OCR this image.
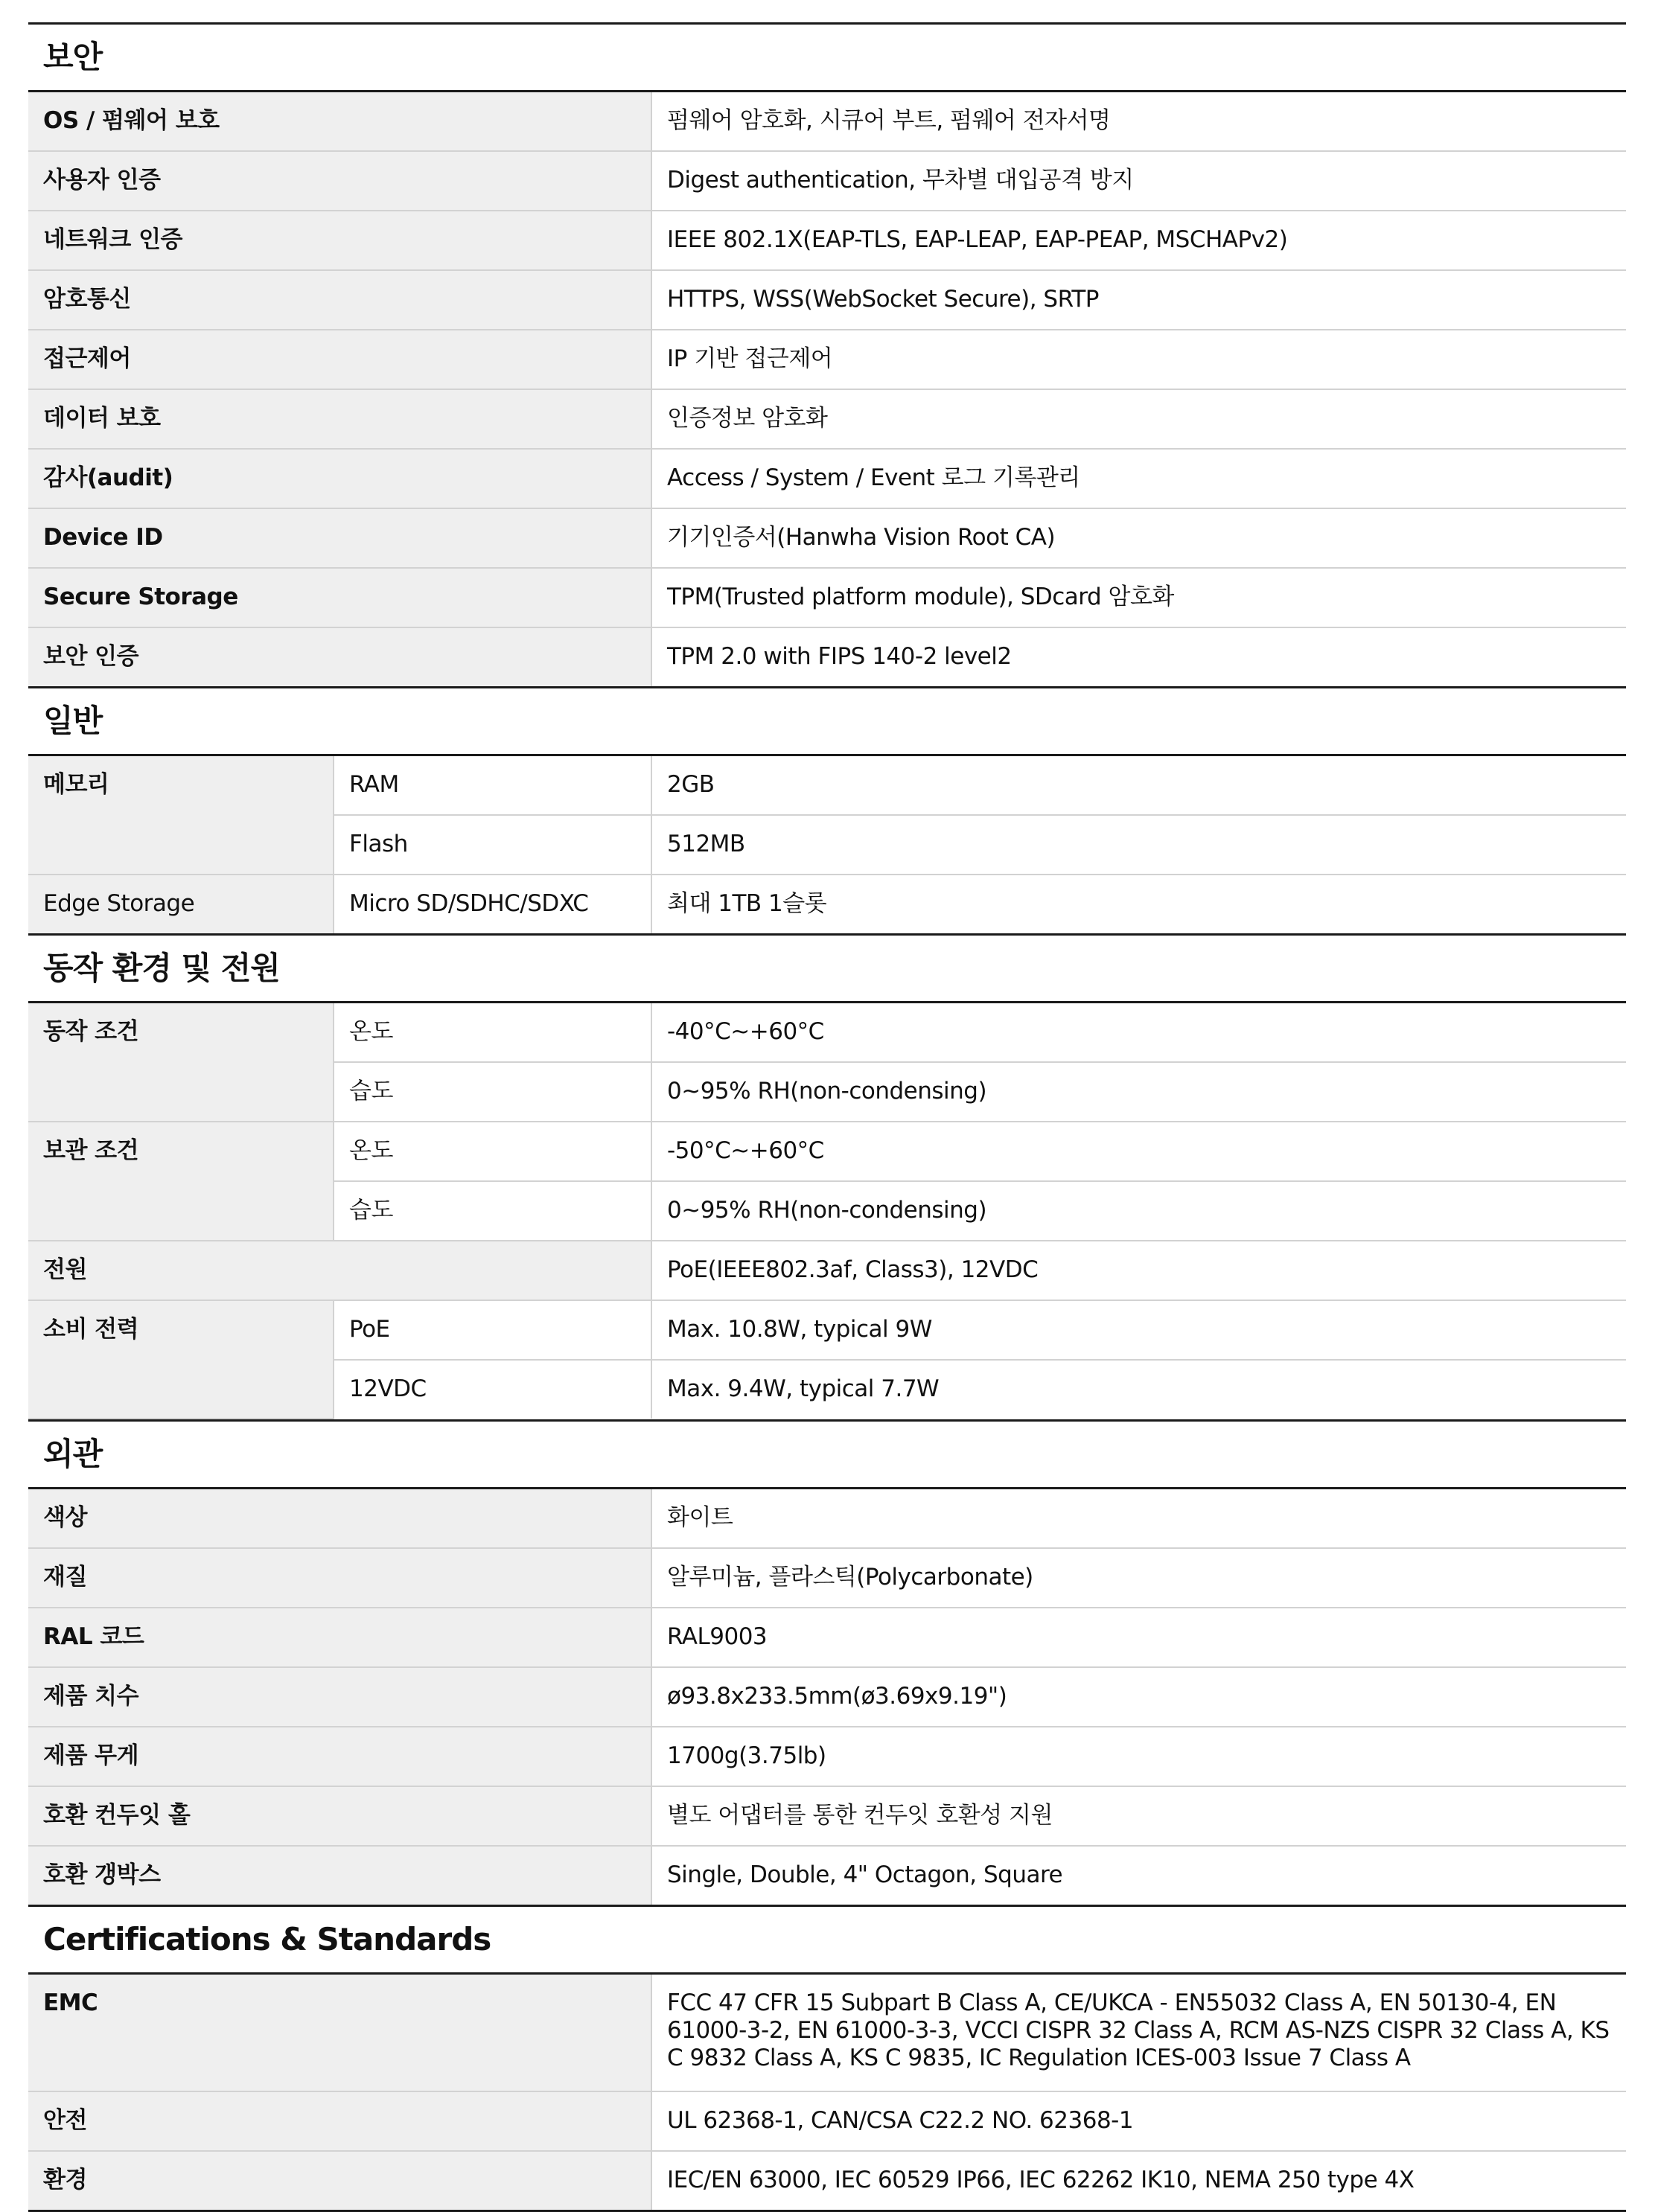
보안
OS / 펌웨어 보호	펌웨어 암호화, 시큐어 부트, 펌웨어 전자서명
사용자 인증	Digest authentication, 무차별 대입공격 방지
네트워크 인증	IEEE 802.1X(EAP-TLS, EAP-LEAP, EAP-PEAP, MSCHAPv2)
암호통신	HTTPS, WSS(WebSocket Secure), SRTP
접근제어	IP 기반 접근제어
데이터 보호	인증정보 암호화
감사(audit)	Access / System / Event 로그 기록관리
Device ID	기기인증서(Hanwha Vision Root CA)
Secure Storage	TPM(Trusted platform module), SDcard 암호화
보안 인증	TPM 2.0 with FIPS 140-2 level2
일반
메모리	RAM	2GB
	Flash	512MB
Edge Storage	Micro SD/SDHC/SDXC	최대 1TB 1슬롯
동작 환경 및 전원
동작 조건	온도	-40°C~+60°C
	습도	0~95% RH(non-condensing)
보관 조건	온도	-50°C~+60°C
	습도	0~95% RH(non-condensing)
전원		PoE(IEEE802.3af, Class3), 12VDC
소비 전력	PoE	Max. 10.8W, typical 9W
	12VDC	Max. 9.4W, typical 7.7W
외관
색상	화이트
재질	알루미늄, 플라스틱(Polycarbonate)
RAL 코드	RAL9003
제품 치수	ø93.8x233.5mm(ø3.69x9.19")
제품 무게	1700g(3.75lb)
호환 컨두잇 홀	별도 어댑터를 통한 컨두잇 호환성 지원
호환 갱박스	Single, Double, 4" Octagon, Square
Certifications & Standards
EMC	FCC 47 CFR 15 Subpart B Class A, CE/UKCA - EN55032 Class A, EN 50130-4, EN 61000-3-2, EN 61000-3-3, VCCI CISPR 32 Class A, RCM AS-NZS CISPR 32 Class A, KS C 9832 Class A, KS C 9835, IC Regulation ICES-003 Issue 7 Class A
안전	UL 62368-1, CAN/CSA C22.2 NO. 62368-1
환경	IEC/EN 63000, IEC 60529 IP66, IEC 62262 IK10, NEMA 250 type 4X
